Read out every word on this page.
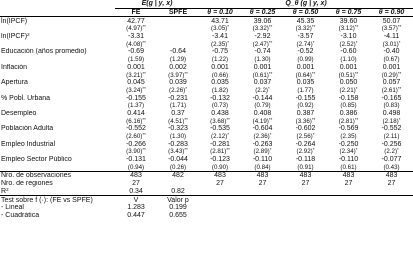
	E(g | y, x)		Q_θ (g | y, x)				
	FE	SPFE	θ = 0.10	θ = 0.25	θ = 0.50	θ = 0.75	θ = 0.90
ln(IPCF)	42.77		43.71	39.06	45.35	39.60	50.07
	(4.97)**		(3.05)*	(3.32)**	(3.32)**	(3.12)**	(3.57)**
ln(IPCF)$^2$	-3.31		-3.41	-2.92	-3.57	-3.10	-4.11
	(4.08)**		(2.35)*	(2.47)**	(2.74)*	(2.52)*	(3.01)*
Educación (años promedio)	-0.69	-0.64	-0.75	-0.74	-0.52	-0.60	-0.40
	(1.59)	(1.29)	(1.22)	(1.30)	(0.99)	(1.10)	(0.67)
Inflación	0.001	0.002	0.001	0.001	0.001	0.001	0.001
	(3.21)**	(3.97)**	(0.66)	(0.61)**	(0.64)**	(0.51)**	(0.29)**
Apertura	0.045	0.039	0.035	0.037	0.035	0.050	0.057
	(3.24)**	(2.26)*	(1.82)	(2.2)*	(1.77)	(2.21)*	(2.61)**
% Pobl. Urbana	-0.155	-0.231	-0.132	-0.144	-0.155	-0.158	-0.165
	(1.37)	(1.71)	(0.73)	(0.79)	(0.92)	(0.85)	(0.83)
Desempleo	0.414	0.37	0.438	0.408	0.387	0.386	0.498
	(6.16)**	(4.51)**	(3.68)**	(4.19)**	(3.36)**	(2.81)**	(2.18)*
Población Adulta	-0.552	-0.323	-0.535	-0.604	-0.602	-0.569	-0.552
	(2.60)**	(1.30)	(2.12)*	(2.36)*	(2.56)*	(2.35)	(2.11)
Empleo Industrial	-0.266	-0.283	-0.281	-0.263	-0.264	-0.250	-0.256
	(3.90)**	(3.43)**	(2.81)**	(2.89)*	(2.92)*	(2.34)*	(2.2)*
Empleo Sector Público	-0.131	-0.044	-0.123	-0.110	-0.118	-0.110	-0.077
	(0.94)	(0.26)	(0.90)	(0.84)	(0.91)	(0.61)	(0.43)
Nro. de observaciones	483	482	483	483	483	483	483
Nro. de regiones	27		27	27	27	27	27
$R^2$	0.34	0.82					
Test sobre f (·): (FE vs SPFE)	V	Valor p					
- Lineal	1.283	0.199					
- Cuadrática	0.447	0.655					
